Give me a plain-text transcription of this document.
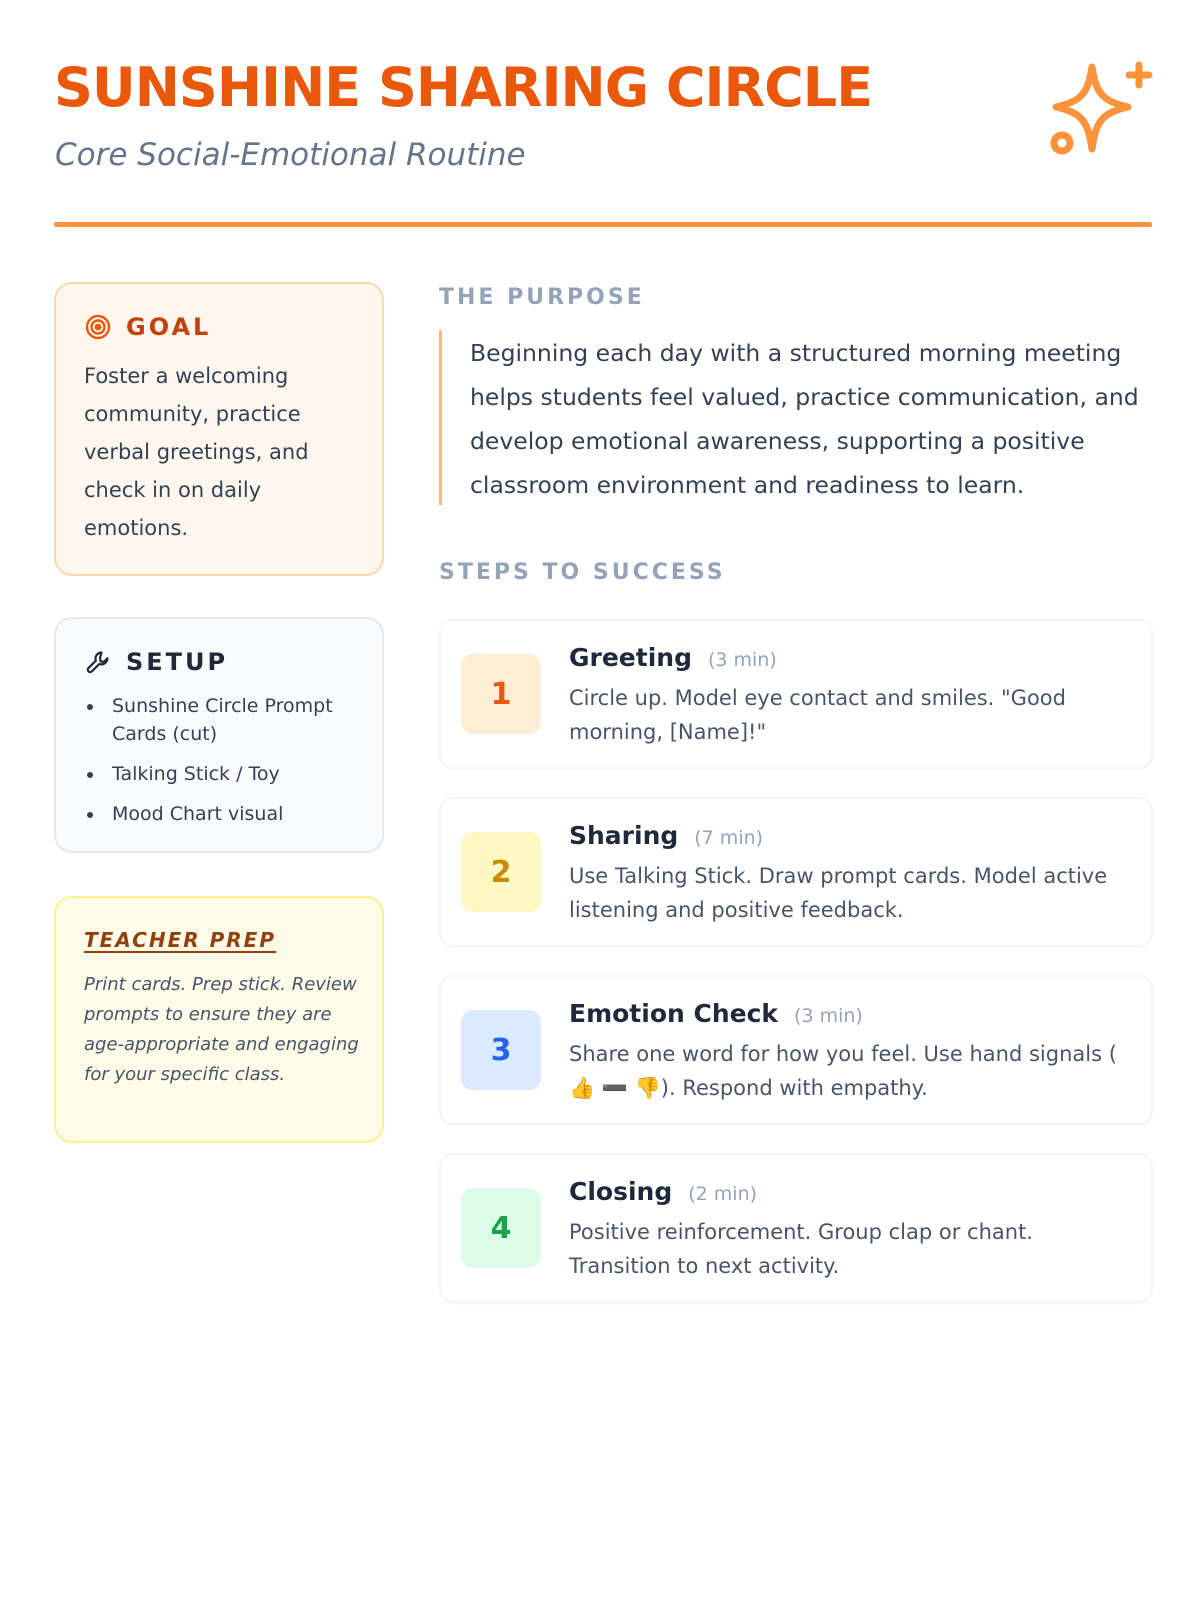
SUNSHINE SHARING CIRCLE
Core Social-Emotional Routine
GOAL
Foster a welcoming community, practice verbal greetings, and check in on daily emotions.
SETUP
Sunshine Circle Prompt Cards (cut)
Talking Stick / Toy
Mood Chart visual
TEACHER PREP
Print cards. Prep stick. Review prompts to ensure they are age-appropriate and engaging for your specific class.
THE PURPOSE
Beginning each day with a structured morning meeting helps students feel valued, practice communication, and develop emotional awareness, supporting a positive classroom environment and readiness to learn.
STEPS TO SUCCESS
1
Greeting (3 min)
Circle up. Model eye contact and smiles. "Good morning, [Name]!"
2
Sharing (7 min)
Use Talking Stick. Draw prompt cards. Model active listening and positive feedback.
3
Emotion Check (3 min)
Share one word for how you feel. Use hand signals ( 👍 ➖ 👎). Respond with empathy.
4
Closing (2 min)
Positive reinforcement. Group clap or chant. Transition to next activity.
